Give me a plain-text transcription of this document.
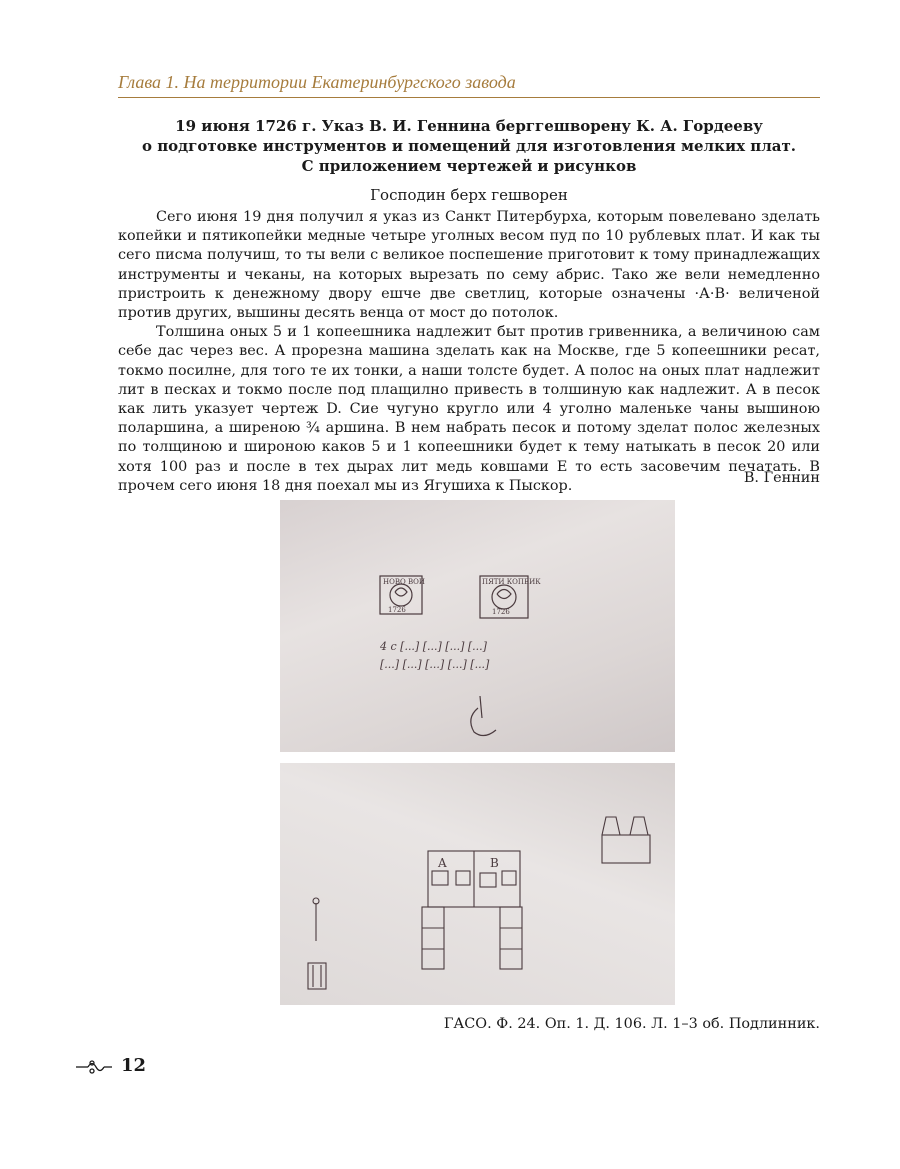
Глава 1. На территории Екатеринбургского завода
19 июня 1726 г. Указ В. И. Геннина берггешворену К. А. Гордееву
о подготовке инструментов и помещений для изготовления мелких плат.
С приложением чертежей и рисунков
Господин берх гешворен

Сего июня 19 дня получил я указ из Санкт Питербурха, которым повелевано зделать копейки и пятикопейки медные четыре уголных весом пуд по 10 рублевых плат. И как ты сего писма получиш, то ты вели с великое поспешение приготовит к тому принадлежащих инструменты и чеканы, на которых вырезать по сему абрис. Тако же вели немедленно пристроить к денежному двору ешче две светлиц, которые означены ·А·В· величеной против других, вышины десять венца от мост до потолок.

Толшина оных 5 и 1 копеешника надлежит быт против гривенника, а величиною сам себе дас через вес. А прорезна машина зделать как на Москве, где 5 копеешники ресат, токмо посилне, для того те их тонки, а наши толсте будет. А полос на оных плат надлежит лит в песках и токмо после под плащилно привесть в толшиную как надлежит. А в песок как лить указует чертеж D. Сие чугуно кругло или 4 уголно маленьке чаны вышиною поларшина, а ширеною ¾ аршина. В нем набрать песок и потому зделат полос железных по толщиною и широною каков 5 и 1 копеешники будет к тему натыкать в песок 20 или хотя 100 раз и после в тех дырах лит медь ковшами Е то есть засовечим печатать. В прочем сего июня 18 дня поехал мы из Ягушиха к Пыскор.	В. Геннин
НОВО ВОИ
1726
ПЯТИ КОПЕИК
1726
4 с [...] [...] [...] [...]
[...] [...] [...] [...] [...]
A	B
ГАСО. Ф. 24. Оп. 1. Д. 106. Л. 1–3 об. Подлинник.
12
